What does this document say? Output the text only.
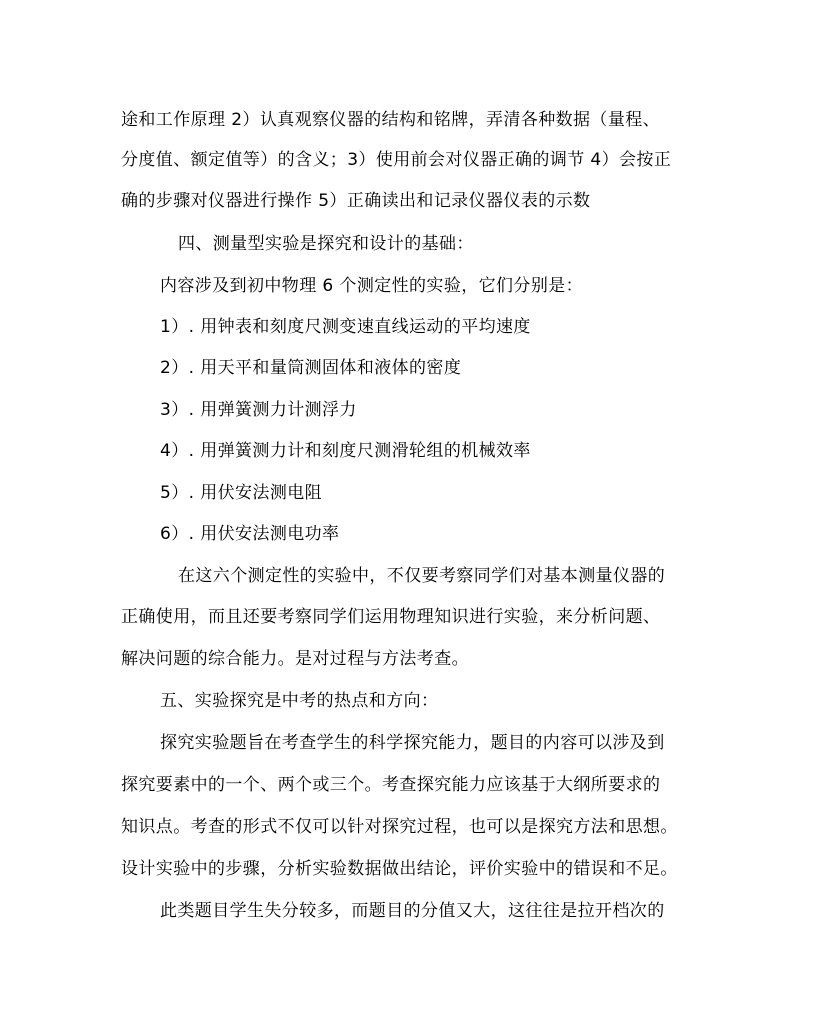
途和工作原理 2）认真观察仪器的结构和铭牌，弄清各种数据（量程、
分度值、额定值等）的含义；3）使用前会对仪器正确的调节 4）会按正
确的步骤对仪器进行操作 5）正确读出和记录仪器仪表的示数
四、测量型实验是探究和设计的基础：
内容涉及到初中物理 6 个测定性的实验，它们分别是：
1）. 用钟表和刻度尺测变速直线运动的平均速度
2）. 用天平和量筒测固体和液体的密度
3）. 用弹簧测力计测浮力
4）. 用弹簧测力计和刻度尺测滑轮组的机械效率
5）. 用伏安法测电阻
6）. 用伏安法测电功率
在这六个测定性的实验中，不仅要考察同学们对基本测量仪器的
正确使用，而且还要考察同学们运用物理知识进行实验，来分析问题、
解决问题的综合能力。是对过程与方法考查。
五、实验探究是中考的热点和方向：
探究实验题旨在考查学生的科学探究能力，题目的内容可以涉及到
探究要素中的一个、两个或三个。考查探究能力应该基于大纲所要求的
知识点。考查的形式不仅可以针对探究过程，也可以是探究方法和思想。
设计实验中的步骤，分析实验数据做出结论，评价实验中的错误和不足。
此类题目学生失分较多，而题目的分值又大，这往往是拉开档次的
